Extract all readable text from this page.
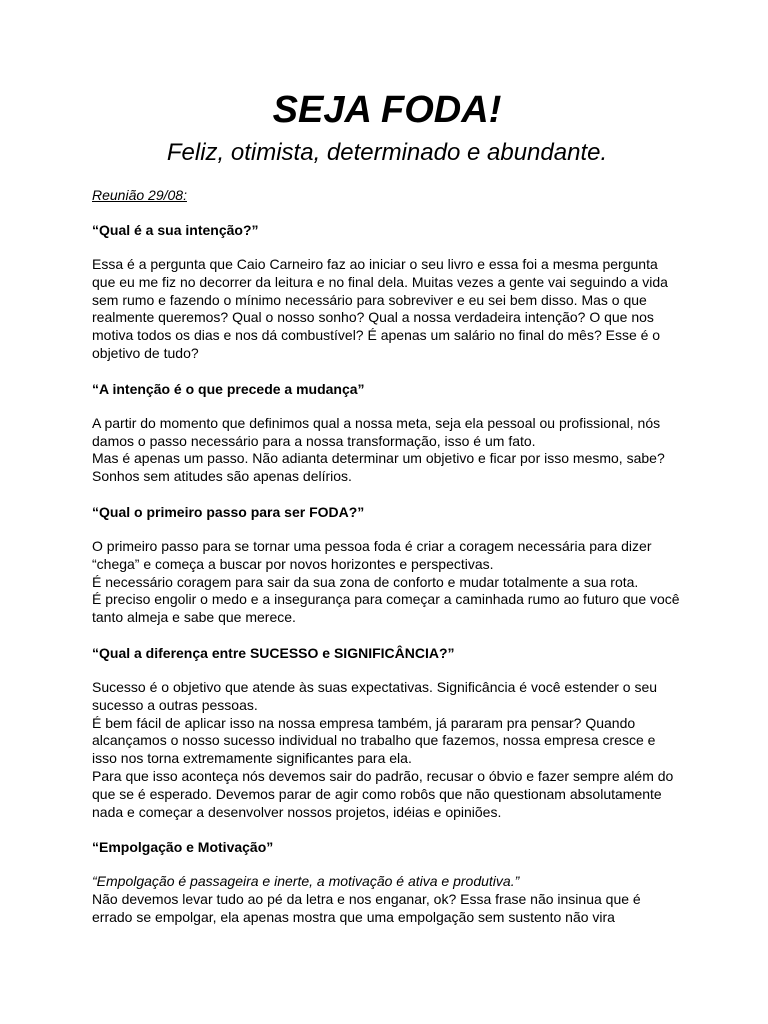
SEJA FODA!

Feliz, otimista, determinado e abundante.

Reunião 29/08:

“Qual é a sua intenção?”

Essa é a pergunta que Caio Carneiro faz ao iniciar o seu livro e essa foi a mesma pergunta que eu me fiz no decorrer da leitura e no final dela. Muitas vezes a gente vai seguindo a vida sem rumo e fazendo o mínimo necessário para sobreviver e eu sei bem disso. Mas o que realmente queremos? Qual o nosso sonho? Qual a nossa verdadeira intenção? O que nos motiva todos os dias e nos dá combustível? É apenas um salário no final do mês? Esse é o objetivo de tudo?

“A intenção é o que precede a mudança”

A partir do momento que definimos qual a nossa meta, seja ela pessoal ou profissional, nós damos o passo necessário para a nossa transformação, isso é um fato.
Mas é apenas um passo. Não adianta determinar um objetivo e ficar por isso mesmo, sabe? Sonhos sem atitudes são apenas delírios.

“Qual o primeiro passo para ser FODA?”

O primeiro passo para se tornar uma pessoa foda é criar a coragem necessária para dizer “chega” e começa a buscar por novos horizontes e perspectivas.
É necessário coragem para sair da sua zona de conforto e mudar totalmente a sua rota.
É preciso engolir o medo e a insegurança para começar a caminhada rumo ao futuro que você tanto almeja e sabe que merece.

“Qual a diferença entre SUCESSO e SIGNIFICÂNCIA?”

Sucesso é o objetivo que atende às suas expectativas. Significância é você estender o seu sucesso a outras pessoas.
É bem fácil de aplicar isso na nossa empresa também, já pararam pra pensar? Quando alcançamos o nosso sucesso individual no trabalho que fazemos, nossa empresa cresce e isso nos torna extremamente significantes para ela.
Para que isso aconteça nós devemos sair do padrão, recusar o óbvio e fazer sempre além do que se é esperado. Devemos parar de agir como robôs que não questionam absolutamente nada e começar a desenvolver nossos projetos, idéias e opiniões.

“Empolgação e Motivação”

“Empolgação é passageira e inerte, a motivação é ativa e produtiva.”
Não devemos levar tudo ao pé da letra e nos enganar, ok? Essa frase não insinua que é errado se empolgar, ela apenas mostra que uma empolgação sem sustento não vira
